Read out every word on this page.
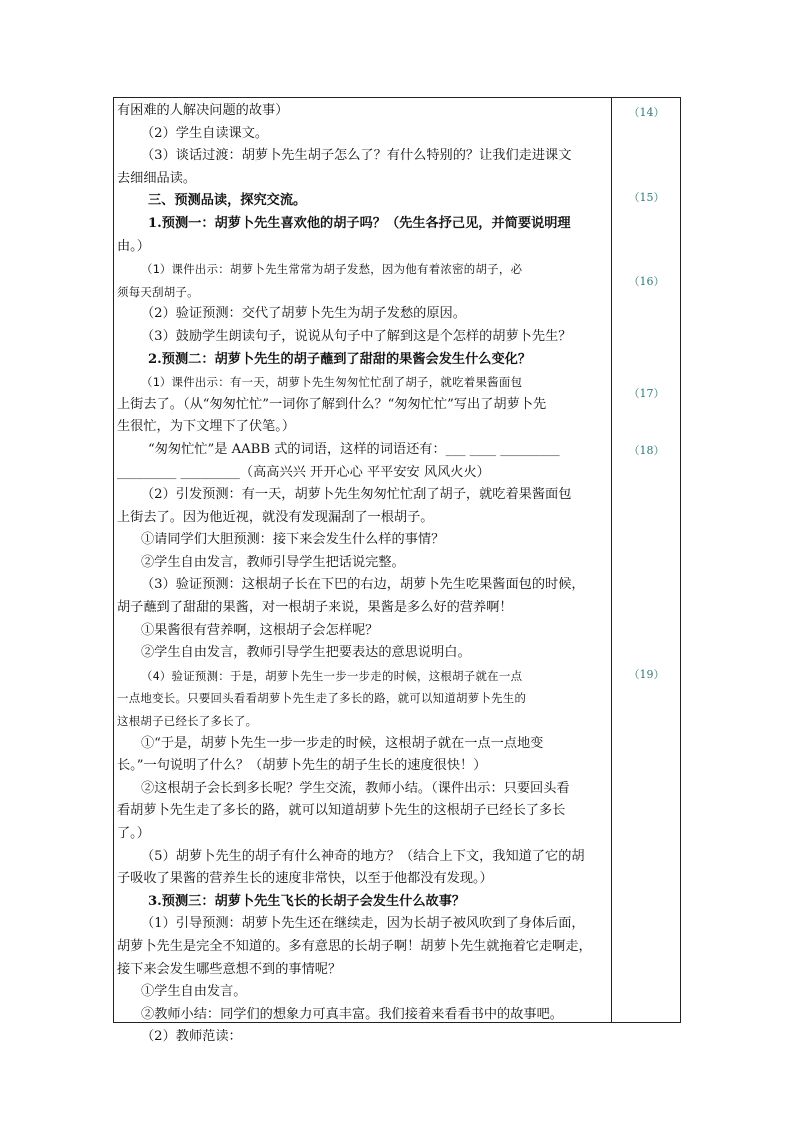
有困难的人解决问题的故事）
（2）学生自读课文。
（3）谈话过渡：胡萝卜先生胡子怎么了？有什么特别的？让我们走进课文
去细细品读。
三、预测品读，探究交流。
1.预测一：胡萝卜先生喜欢他的胡子吗？（先生各抒己见，并简要说明理
由。）
（1）课件出示：胡萝卜先生常常为胡子发愁，因为他有着浓密的胡子，必
须每天刮胡子。
（2）验证预测：交代了胡萝卜先生为胡子发愁的原因。
（3）鼓励学生朗读句子，说说从句子中了解到这是个怎样的胡萝卜先生？
2.预测二：胡萝卜先生的胡子蘸到了甜甜的果酱会发生什么变化？
（1）课件出示：有一天，胡萝卜先生匆匆忙忙刮了胡子，就吃着果酱面包
上街去了。（从“匆匆忙忙”一词你了解到什么？“匆匆忙忙”写出了胡萝卜先
生很忙，为下文埋下了伏笔。）
“匆匆忙忙”是 AABB 式的词语，这样的词语还有：___ ____ _________
_________ _________（高高兴兴 开开心心 平平安安 风风火火）
（2）引发预测：有一天，胡萝卜先生匆匆忙忙刮了胡子，就吃着果酱面包
上街去了。因为他近视，就没有发现漏刮了一根胡子。
①请同学们大胆预测：接下来会发生什么样的事情？
②学生自由发言，教师引导学生把话说完整。
（3）验证预测：这根胡子长在下巴的右边，胡萝卜先生吃果酱面包的时候，
胡子蘸到了甜甜的果酱，对一根胡子来说，果酱是多么好的营养啊！
①果酱很有营养啊，这根胡子会怎样呢？
②学生自由发言，教师引导学生把要表达的意思说明白。
（4）验证预测：于是，胡萝卜先生一步一步走的时候，这根胡子就在一点
一点地变长。只要回头看看胡萝卜先生走了多长的路，就可以知道胡萝卜先生的
这根胡子已经长了多长了。
①“于是，胡萝卜先生一步一步走的时候，这根胡子就在一点一点地变
长。”一句说明了什么？（胡萝卜先生的胡子生长的速度很快！）
②这根胡子会长到多长呢？学生交流，教师小结。（课件出示：只要回头看
看胡萝卜先生走了多长的路，就可以知道胡萝卜先生的这根胡子已经长了多长
了。）
（5）胡萝卜先生的胡子有什么神奇的地方？（结合上下文，我知道了它的胡
子吸收了果酱的营养生长的速度非常快，以至于他都没有发现。）
3.预测三：胡萝卜先生飞长的长胡子会发生什么故事？
（1）引导预测：胡萝卜先生还在继续走，因为长胡子被风吹到了身体后面，
胡萝卜先生是完全不知道的。多有意思的长胡子啊！胡萝卜先生就拖着它走啊走，
接下来会发生哪些意想不到的事情呢？
①学生自由发言。
②教师小结：同学们的想象力可真丰富。我们接着来看看书中的故事吧。
（2）教师范读：
（14）
（15）
（16）
（17）
（18）
（19）
